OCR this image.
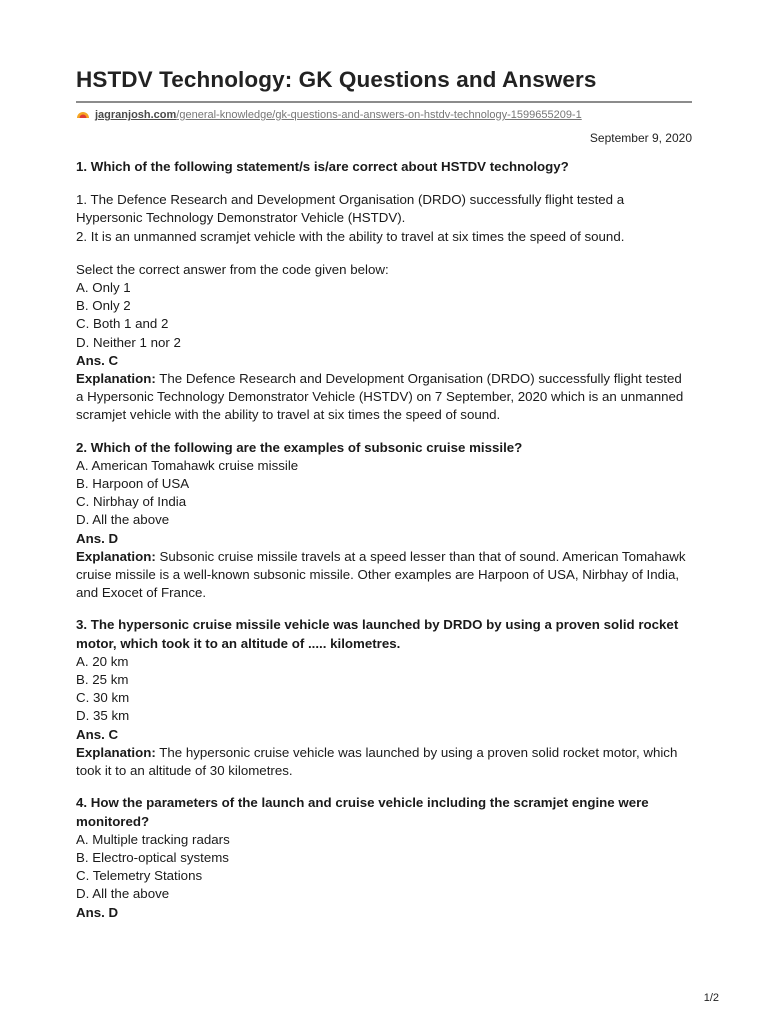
HSTDV Technology: GK Questions and Answers
jagranjosh.com/general-knowledge/gk-questions-and-answers-on-hstdv-technology-1599655209-1
September 9, 2020

1. Which of the following statement/s is/are correct about HSTDV technology?

1. The Defence Research and Development Organisation (DRDO) successfully flight tested a Hypersonic Technology Demonstrator Vehicle (HSTDV).

2. It is an unmanned scramjet vehicle with the ability to travel at six times the speed of sound.

Select the correct answer from the code given below:

A. Only 1

B. Only 2

C. Both 1 and 2

D. Neither 1 nor 2

Ans. C

Explanation: The Defence Research and Development Organisation (DRDO) successfully flight tested a Hypersonic Technology Demonstrator Vehicle (HSTDV) on 7 September, 2020 which is an unmanned scramjet vehicle with the ability to travel at six times the speed of sound.

2. Which of the following are the examples of subsonic cruise missile?

A. American Tomahawk cruise missile

B. Harpoon of USA

C. Nirbhay of India

D. All the above

Ans. D

Explanation: Subsonic cruise missile travels at a speed lesser than that of sound. American Tomahawk cruise missile is a well-known subsonic missile. Other examples are Harpoon of USA, Nirbhay of India, and Exocet of France.

3. The hypersonic cruise missile vehicle was launched by DRDO by using a proven solid rocket motor, which took it to an altitude of ..... kilometres.

A. 20 km

B. 25 km

C. 30 km

D. 35 km

Ans. C

Explanation: The hypersonic cruise vehicle was launched by using a proven solid rocket motor, which took it to an altitude of 30 kilometres.

4. How the parameters of the launch and cruise vehicle including the scramjet engine were monitored?

A. Multiple tracking radars

B. Electro-optical systems

C. Telemetry Stations

D. All the above

Ans. D

1/2
